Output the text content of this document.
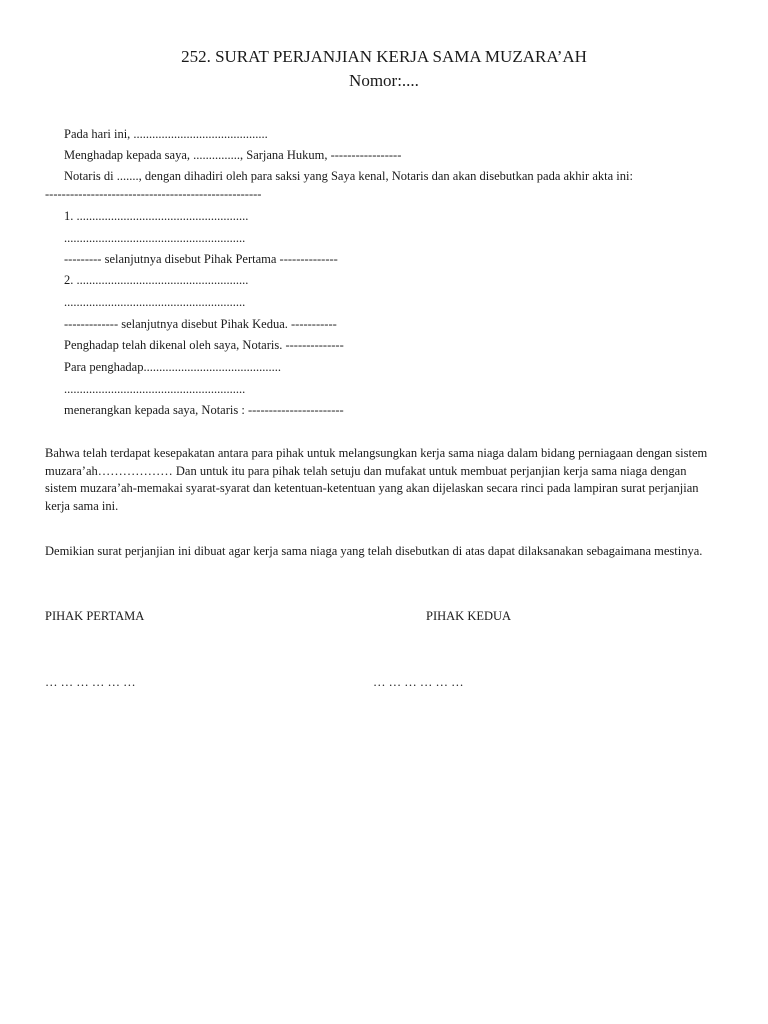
252. SURAT PERJANJIAN KERJA SAMA MUZARA’AH
Nomor:....
Pada hari ini, ...........................................
Menghadap kepada saya, ..............., Sarjana Hukum, -----------------
Notaris di ......., dengan dihadiri oleh para saksi yang Saya kenal, Notaris dan akan disebutkan pada akhir akta ini:
----------------------------------------------------
1. .......................................................
..........................................................
--------- selanjutnya disebut Pihak Pertama --------------
2. .......................................................
..........................................................
------------- selanjutnya disebut Pihak Kedua. -----------
Penghadap telah dikenal oleh saya, Notaris. --------------
Para penghadap............................................
..........................................................
menerangkan kepada saya, Notaris : -----------------------
Bahwa telah terdapat kesepakatan antara para pihak untuk melangsungkan kerja sama niaga dalam bidang perniagaan dengan sistem
muzara’ah……………… Dan untuk itu para pihak telah setuju dan mufakat untuk membuat perjanjian kerja sama niaga dengan
sistem muzara’ah-memakai syarat-syarat dan ketentuan-ketentuan yang akan dijelaskan secara rinci pada lampiran surat perjanjian
kerja sama ini.
Demikian surat perjanjian ini dibuat agar kerja sama niaga yang telah disebutkan di atas dapat dilaksanakan sebagaimana mestinya.
PIHAK PERTAMA	PIHAK KEDUA
… … … … … …	… … … … … …
